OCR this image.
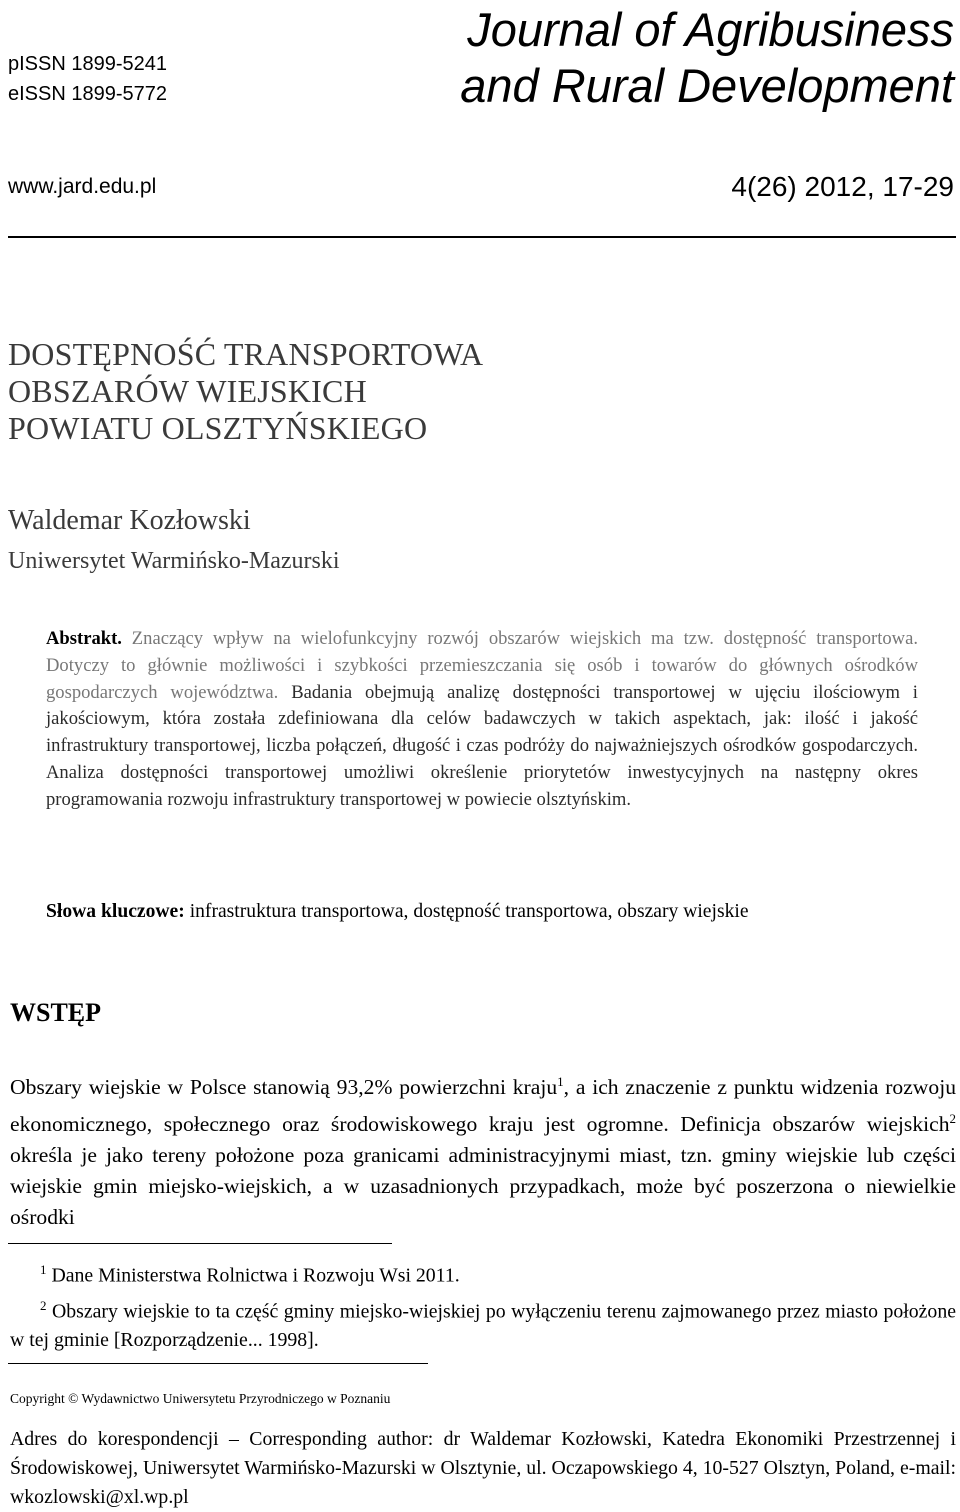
pISSN 1899-5241
eISSN 1899-5772
Journal of Agribusiness
and Rural Development
www.jard.edu.pl	4(26) 2012, 17-29
DOSTĘPNOŚĆ TRANSPORTOWA
OBSZARÓW WIEJSKICH
POWIATU OLSZTYŃSKIEGO
Waldemar Kozłowski
Uniwersytet Warmińsko-Mazurski
Abstrakt. Znaczący wpływ na wielofunkcyjny rozwój obszarów wiejskich ma tzw. dostępność transportowa. Dotyczy to głównie możliwości i szybkości przemieszczania się osób i towarów do głównych ośrodków gospodarczych województwa. Badania obejmują analizę dostępności transportowej w ujęciu ilościowym i jakościowym, która została zdefiniowana dla celów badawczych w takich aspektach, jak: ilość i jakość infrastruktury transportowej, liczba połączeń, długość i czas podróży do najważniejszych ośrodków gospodarczych. Analiza dostępności transportowej umożliwi określenie priorytetów inwestycyjnych na następny okres programowania rozwoju infrastruktury transportowej w powiecie olsztyńskim.
Słowa kluczowe: infrastruktura transportowa, dostępność transportowa, obszary wiejskie
WSTĘP
Obszary wiejskie w Polsce stanowią 93,2% powierzchni kraju$^1$, a ich znaczenie z punktu widzenia rozwoju ekonomicznego, społecznego oraz środowiskowego kraju jest ogromne. Definicja obszarów wiejskich$^2$ określa je jako tereny położone poza granicami administracyjnymi miast, tzn. gminy wiejskie lub części wiejskie gmin miejsko-wiejskich, a w uzasadnionych przypadkach, może być poszerzona o niewielkie ośrodki
$^1$ Dane Ministerstwa Rolnictwa i Rozwoju Wsi 2011.
$^2$ Obszary wiejskie to ta część gminy miejsko-wiejskiej po wyłączeniu terenu zajmowanego przez miasto położone w tej gminie [Rozporządzenie... 1998].
Copyright © Wydawnictwo Uniwersytetu Przyrodniczego w Poznaniu
Adres do korespondencji – Corresponding author: dr Waldemar Kozłowski, Katedra Ekonomiki Przestrzennej i Środowiskowej, Uniwersytet Warmińsko-Mazurski w Olsztynie, ul. Oczapowskiego 4, 10-527 Olsztyn, Poland, e-mail: wkozlowski@xl.wp.pl
